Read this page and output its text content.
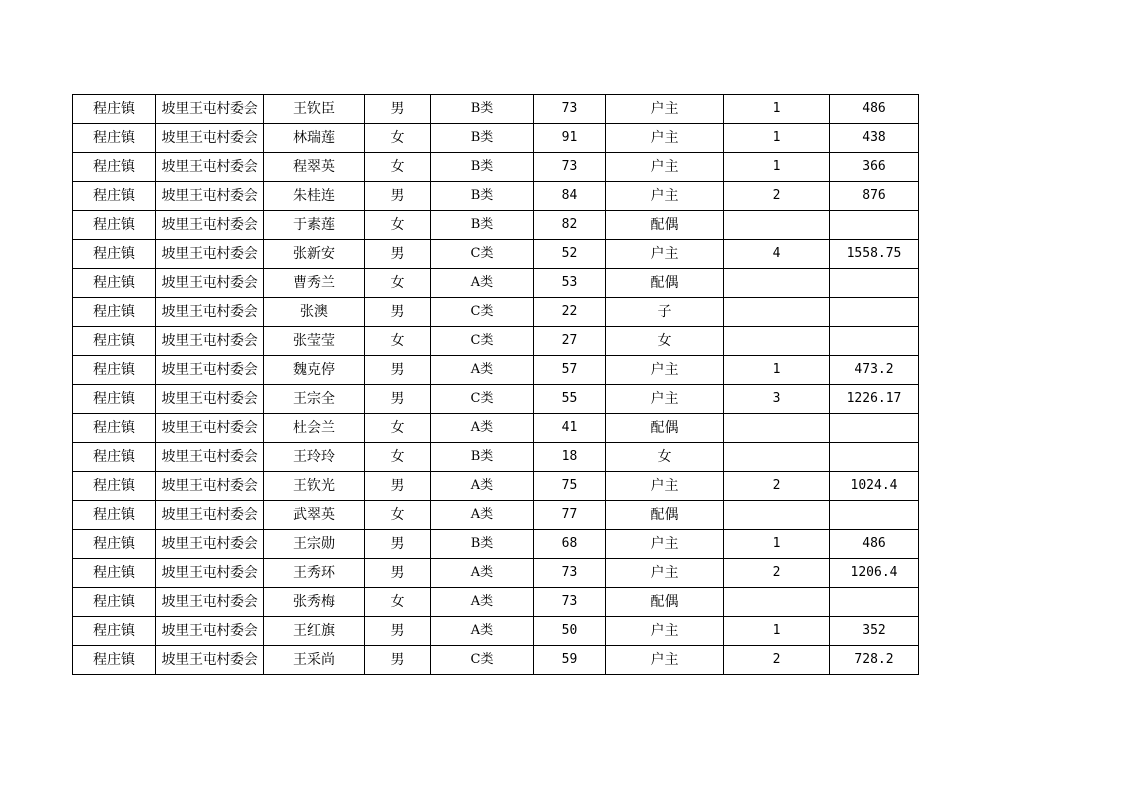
程庄镇	坡里王屯村委会	王钦臣	男	B类	73	户主	1	486
程庄镇	坡里王屯村委会	林瑞莲	女	B类	91	户主	1	438
程庄镇	坡里王屯村委会	程翠英	女	B类	73	户主	1	366
程庄镇	坡里王屯村委会	朱桂连	男	B类	84	户主	2	876
程庄镇	坡里王屯村委会	于素莲	女	B类	82	配偶		
程庄镇	坡里王屯村委会	张新安	男	C类	52	户主	4	1558.75
程庄镇	坡里王屯村委会	曹秀兰	女	A类	53	配偶		
程庄镇	坡里王屯村委会	张澳	男	C类	22	子		
程庄镇	坡里王屯村委会	张莹莹	女	C类	27	女		
程庄镇	坡里王屯村委会	魏克停	男	A类	57	户主	1	473.2
程庄镇	坡里王屯村委会	王宗全	男	C类	55	户主	3	1226.17
程庄镇	坡里王屯村委会	杜会兰	女	A类	41	配偶		
程庄镇	坡里王屯村委会	王玲玲	女	B类	18	女		
程庄镇	坡里王屯村委会	王钦光	男	A类	75	户主	2	1024.4
程庄镇	坡里王屯村委会	武翠英	女	A类	77	配偶		
程庄镇	坡里王屯村委会	王宗勋	男	B类	68	户主	1	486
程庄镇	坡里王屯村委会	王秀环	男	A类	73	户主	2	1206.4
程庄镇	坡里王屯村委会	张秀梅	女	A类	73	配偶		
程庄镇	坡里王屯村委会	王红旗	男	A类	50	户主	1	352
程庄镇	坡里王屯村委会	王采尚	男	C类	59	户主	2	728.2
